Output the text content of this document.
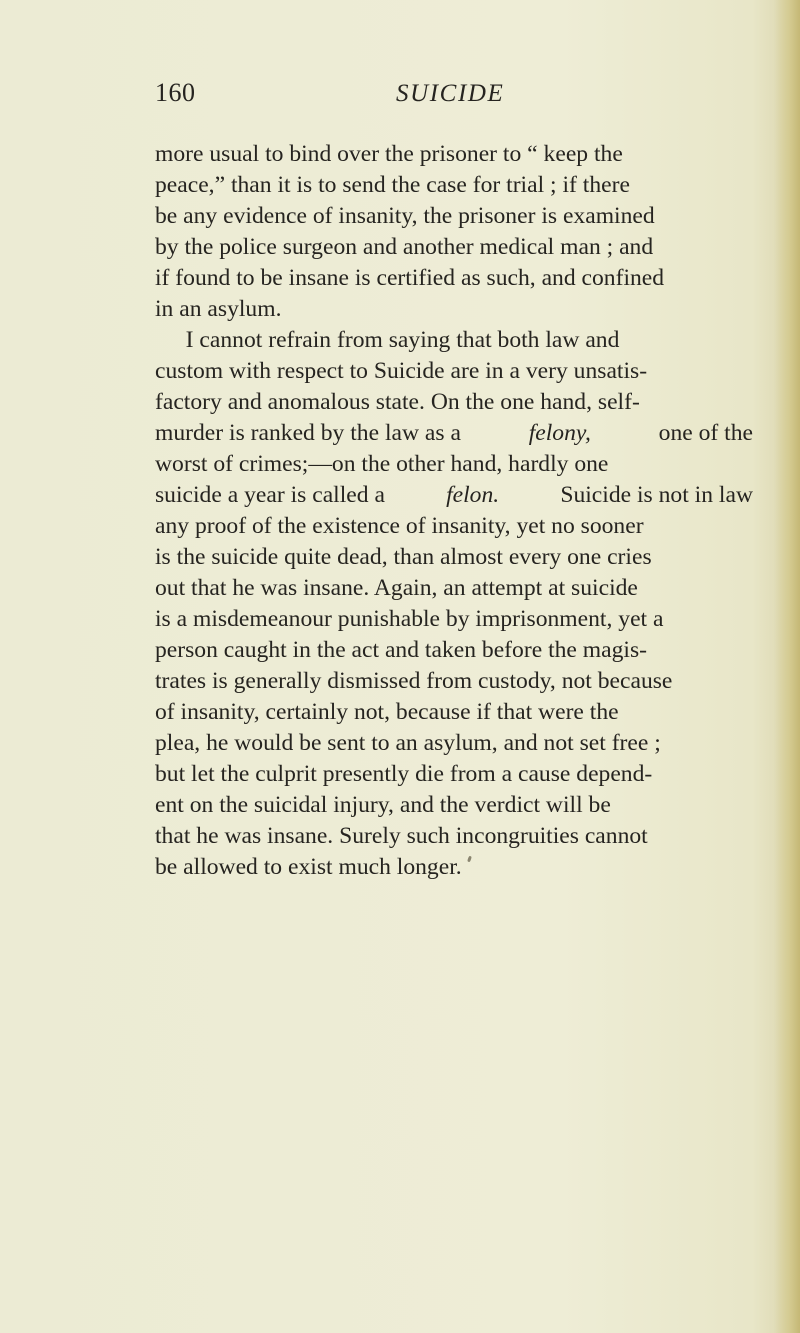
160	SUICIDE
more usual to bind over the prisoner to “ keep the
peace,” than it is to send the case for trial ; if there
be any evidence of insanity, the prisoner is examined
by the police surgeon and another medical man ; and
if found to be insane is certified as such, and confined
in an asylum.
I cannot refrain from saying that both law and
custom with respect to Suicide are in a very unsatis-
factory and anomalous state. On the one hand, self-
murder is ranked by the law as a	felony,	one of the
worst of crimes;—on the other hand, hardly one
suicide a year is called a	felon.	Suicide is not in law
any proof of the existence of insanity, yet no sooner
is the suicide quite dead, than almost every one cries
out that he was insane. Again, an attempt at suicide
is a misdemeanour punishable by imprisonment, yet a
person caught in the act and taken before the magis-
trates is generally dismissed from custody, not because
of insanity, certainly not, because if that were the
plea, he would be sent to an asylum, and not set free ;
but let the culprit presently die from a cause depend-
ent on the suicidal injury, and the verdict will be
that he was insane. Surely such incongruities cannot
be allowed to exist much longer.
